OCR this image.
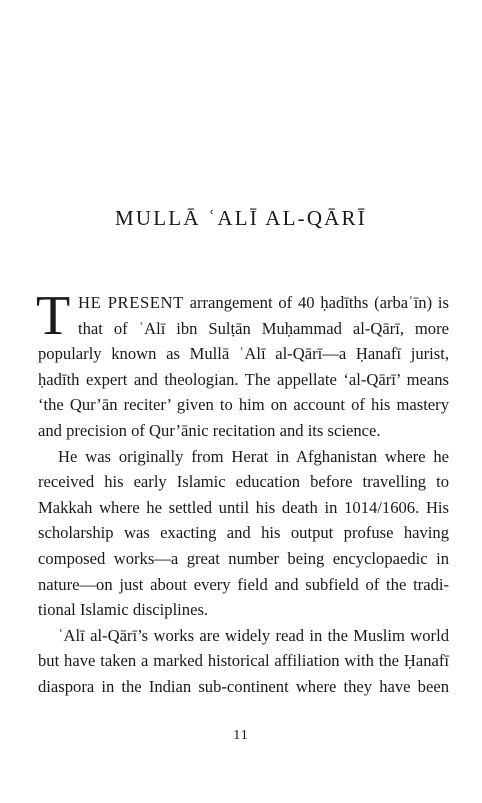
MULLĀ ʿALĪ AL-QĀRĪ
T HE PRESENT arrangement of 40 ḥadīths (arbaʿīn) is
that of ʿAlī ibn Sulṭān Muḥammad al-Qārī, more
popularly known as Mullā ʿAlī al-Qārī—a Ḥanafī jurist,
ḥadīth expert and theologian. The appellate ‘al-Qārī’ means
‘the Qur’ān reciter’ given to him on account of his mastery
and precision of Qur’ānic recitation and its science.
He was originally from Herat in Afghanistan where he
received his early Islamic education before travelling to
Makkah where he settled until his death in 1014/1606. His
scholarship was exacting and his output profuse having
composed works—a great number being encyclopaedic in
nature—on just about every field and subfield of the tradi-
tional Islamic disciplines.
ʿAlī al-Qārī’s works are widely read in the Muslim world
but have taken a marked historical affiliation with the Ḥanafī
diaspora in the Indian sub-continent where they have been
11
